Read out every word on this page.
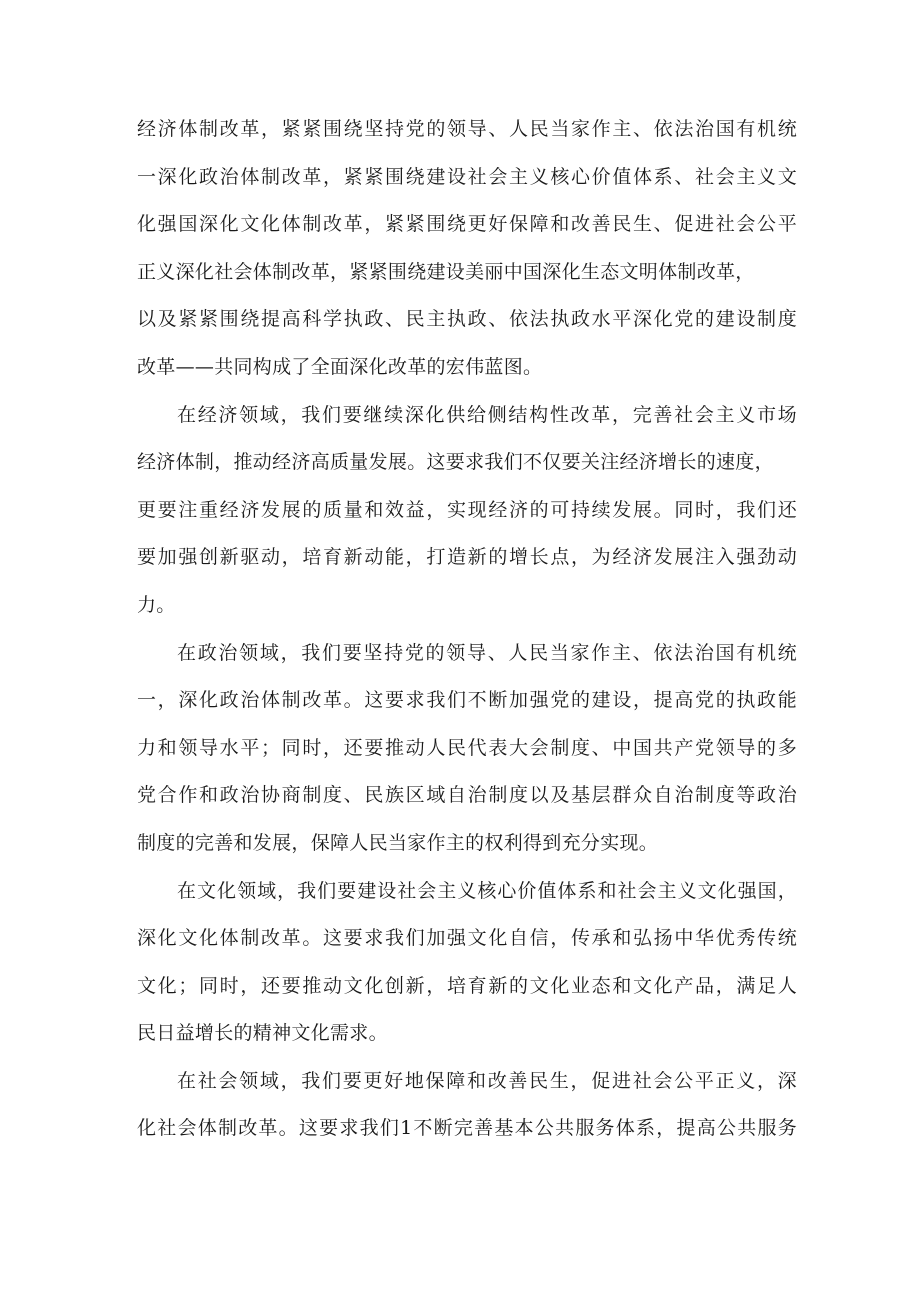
经济体制改革，紧紧围绕坚持党的领导、人民当家作主、依法治国有机统
一深化政治体制改革，紧紧围绕建设社会主义核心价值体系、社会主义文
化强国深化文化体制改革，紧紧围绕更好保障和改善民生、促进社会公平
正义深化社会体制改革，紧紧围绕建设美丽中国深化生态文明体制改革，
以及紧紧围绕提高科学执政、民主执政、依法执政水平深化党的建设制度
改革——共同构成了全面深化改革的宏伟蓝图。
在经济领域，我们要继续深化供给侧结构性改革，完善社会主义市场
经济体制，推动经济高质量发展。这要求我们不仅要关注经济增长的速度，
更要注重经济发展的质量和效益，实现经济的可持续发展。同时，我们还
要加强创新驱动，培育新动能，打造新的增长点，为经济发展注入强劲动
力。
在政治领域，我们要坚持党的领导、人民当家作主、依法治国有机统
一，深化政治体制改革。这要求我们不断加强党的建设，提高党的执政能
力和领导水平；同时，还要推动人民代表大会制度、中国共产党领导的多
党合作和政治协商制度、民族区域自治制度以及基层群众自治制度等政治
制度的完善和发展，保障人民当家作主的权利得到充分实现。
在文化领域，我们要建设社会主义核心价值体系和社会主义文化强国，
深化文化体制改革。这要求我们加强文化自信，传承和弘扬中华优秀传统
文化；同时，还要推动文化创新，培育新的文化业态和文化产品，满足人
民日益增长的精神文化需求。
在社会领域，我们要更好地保障和改善民生，促进社会公平正义，深
化社会体制改革。这要求我们1不断完善基本公共服务体系，提高公共服务
